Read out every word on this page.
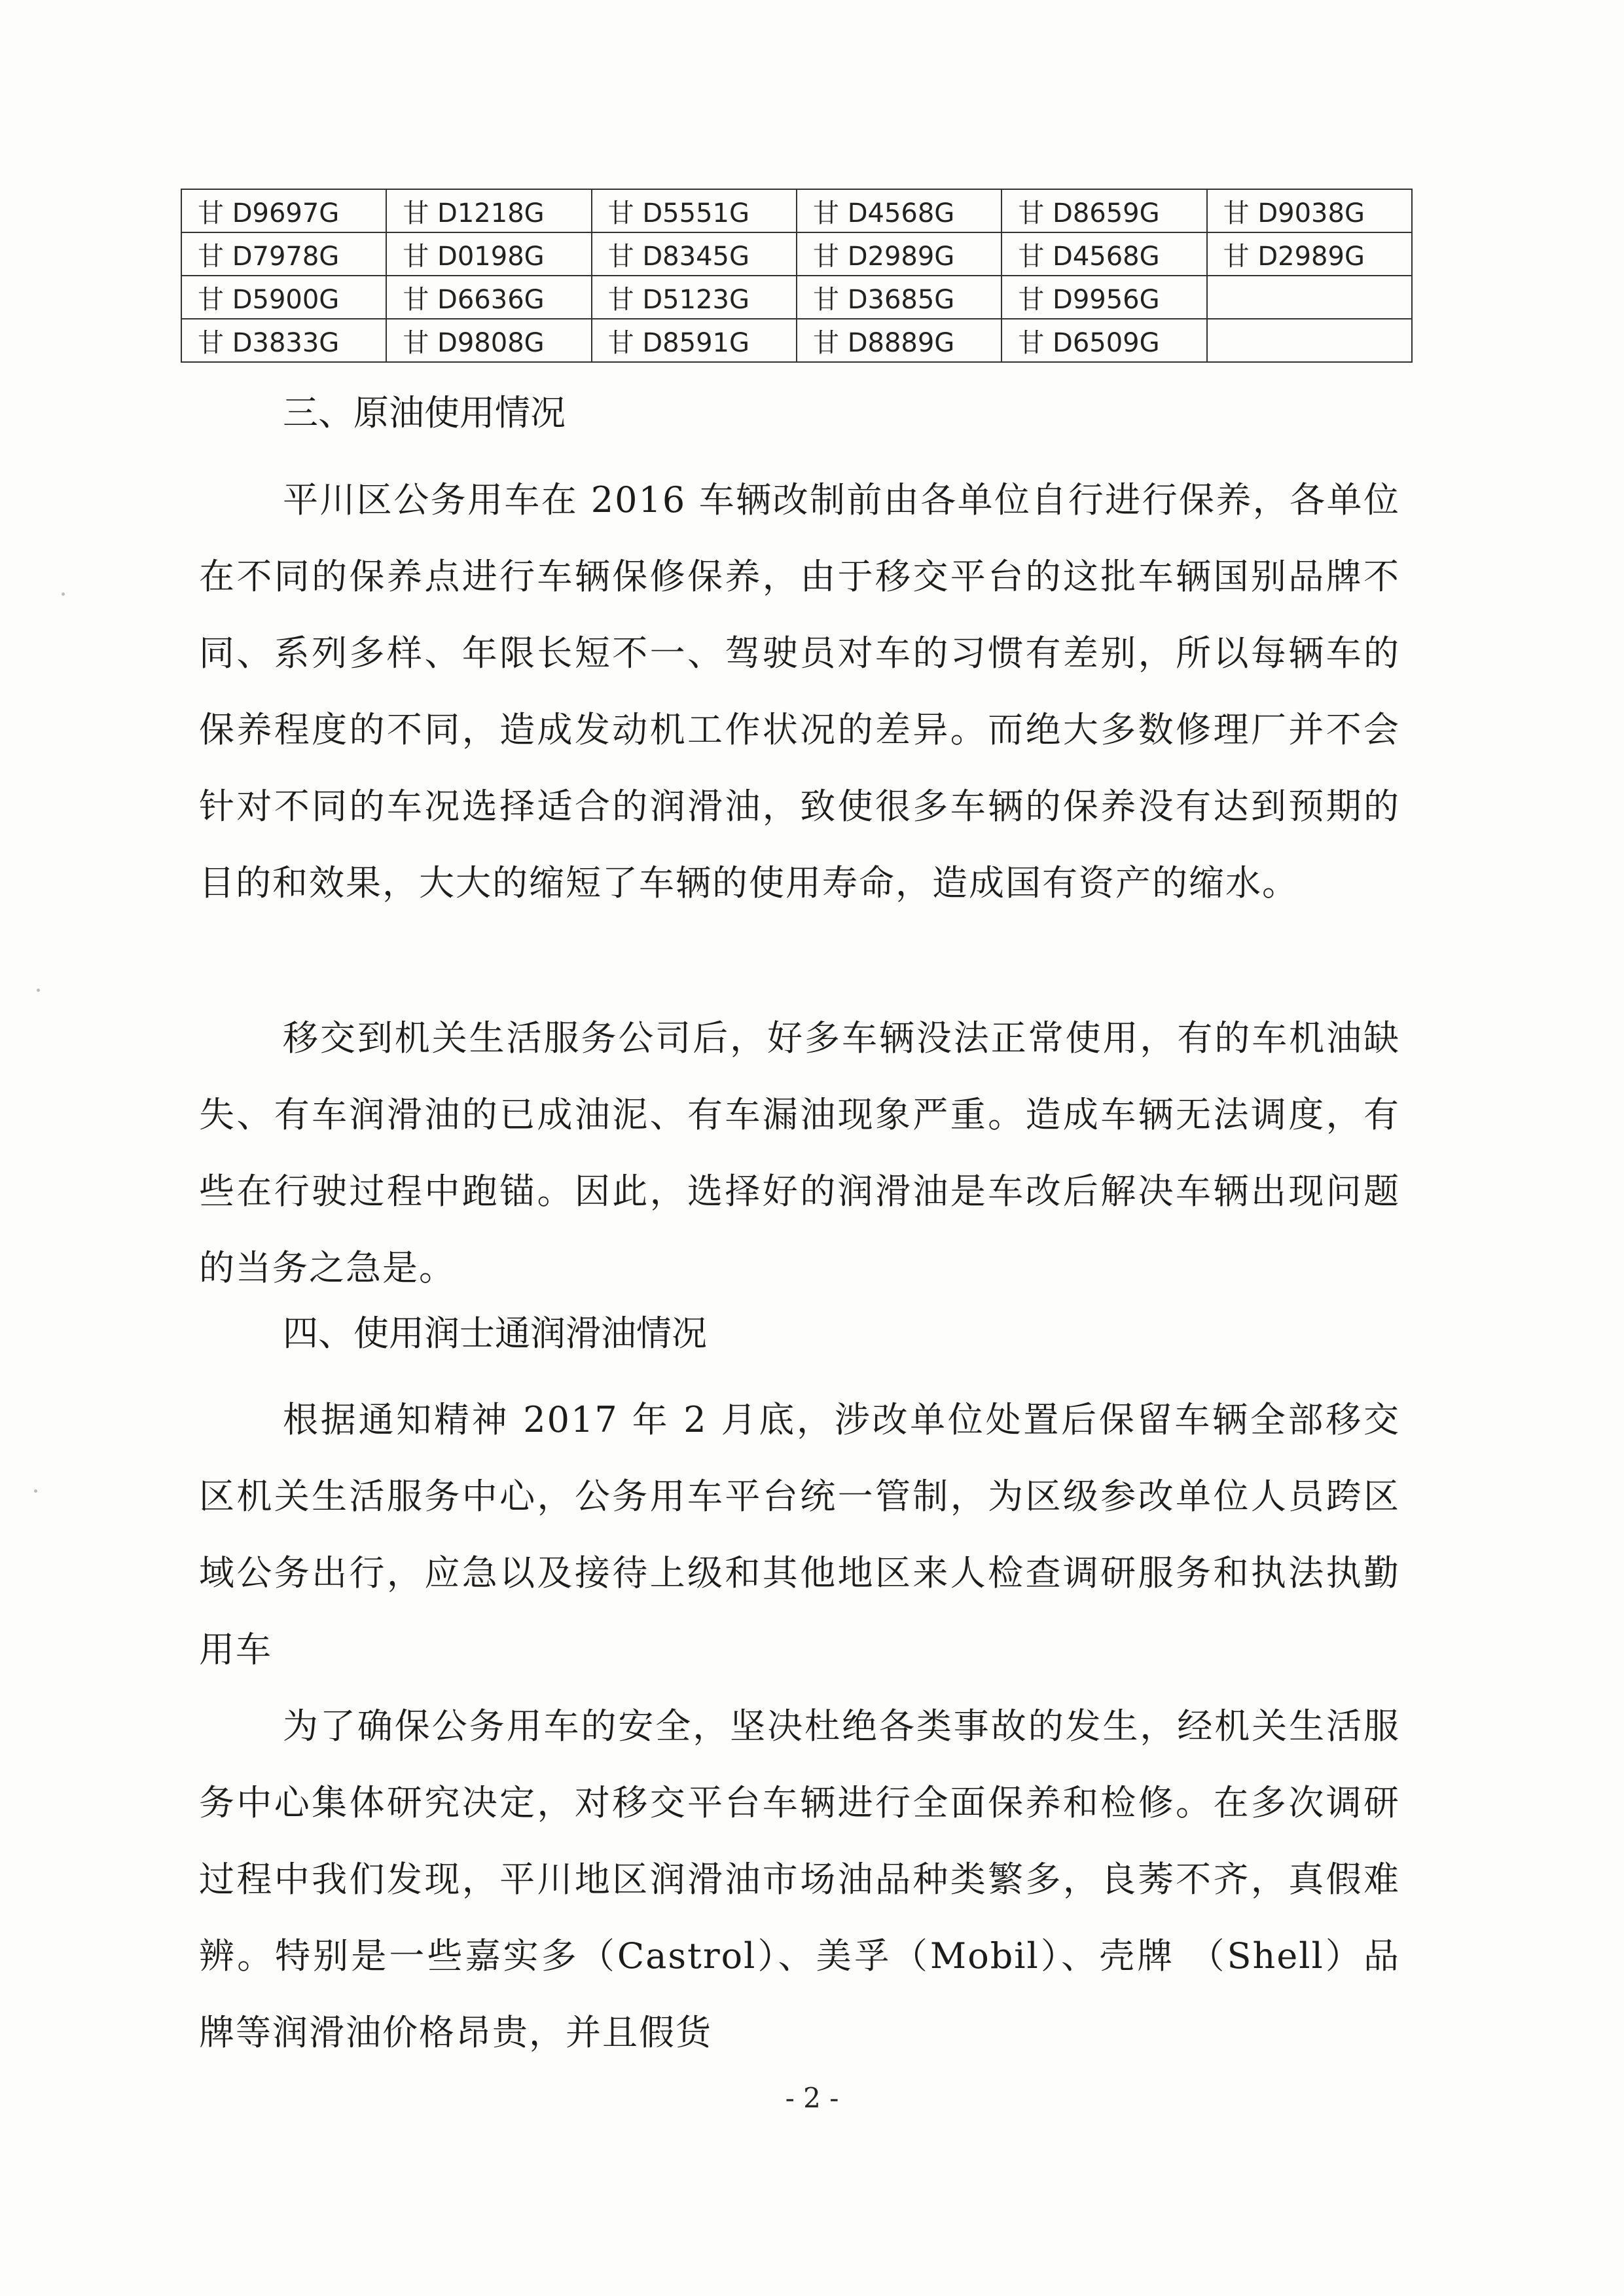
甘 D9697G	甘 D1218G	甘 D5551G	甘 D4568G	甘 D8659G	甘 D9038G
甘 D7978G	甘 D0198G	甘 D8345G	甘 D2989G	甘 D4568G	甘 D2989G
甘 D5900G	甘 D6636G	甘 D5123G	甘 D3685G	甘 D9956G	
甘 D3833G	甘 D9808G	甘 D8591G	甘 D8889G	甘 D6509G	
三、原油使用情况

平川区公务用车在 2016 车辆改制前由各单位自行进行保养，各单位在不同的保养点进行车辆保修保养，由于移交平台的这批车辆国别品牌不同、系列多样、年限长短不一、驾驶员对车的习惯有差别，所以每辆车的保养程度的不同，造成发动机工作状况的差异。而绝大多数修理厂并不会针对不同的车况选择适合的润滑油，致使很多车辆的保养没有达到预期的目的和效果，大大的缩短了车辆的使用寿命，造成国有资产的缩水。

移交到机关生活服务公司后，好多车辆没法正常使用，有的车机油缺失、有车润滑油的已成油泥、有车漏油现象严重。造成车辆无法调度，有些在行驶过程中跑锚。因此，选择好的润滑油是车改后解决车辆出现问题的当务之急是。

四、使用润士通润滑油情况

根据通知精神 2017 年 2 月底，涉改单位处置后保留车辆全部移交区机关生活服务中心，公务用车平台统一管制，为区级参改单位人员跨区域公务出行，应急以及接待上级和其他地区来人检查调研服务和执法执勤用车

为了确保公务用车的安全，坚决杜绝各类事故的发生，经机关生活服务中心集体研究决定，对移交平台车辆进行全面保养和检修。在多次调研过程中我们发现，平川地区润滑油市场油品种类繁多，良莠不齐，真假难辨。特别是一些嘉实多（Castrol）、美孚（Mobil）、壳牌 （Shell）品牌等润滑油价格昂贵，并且假货

- 2 -
